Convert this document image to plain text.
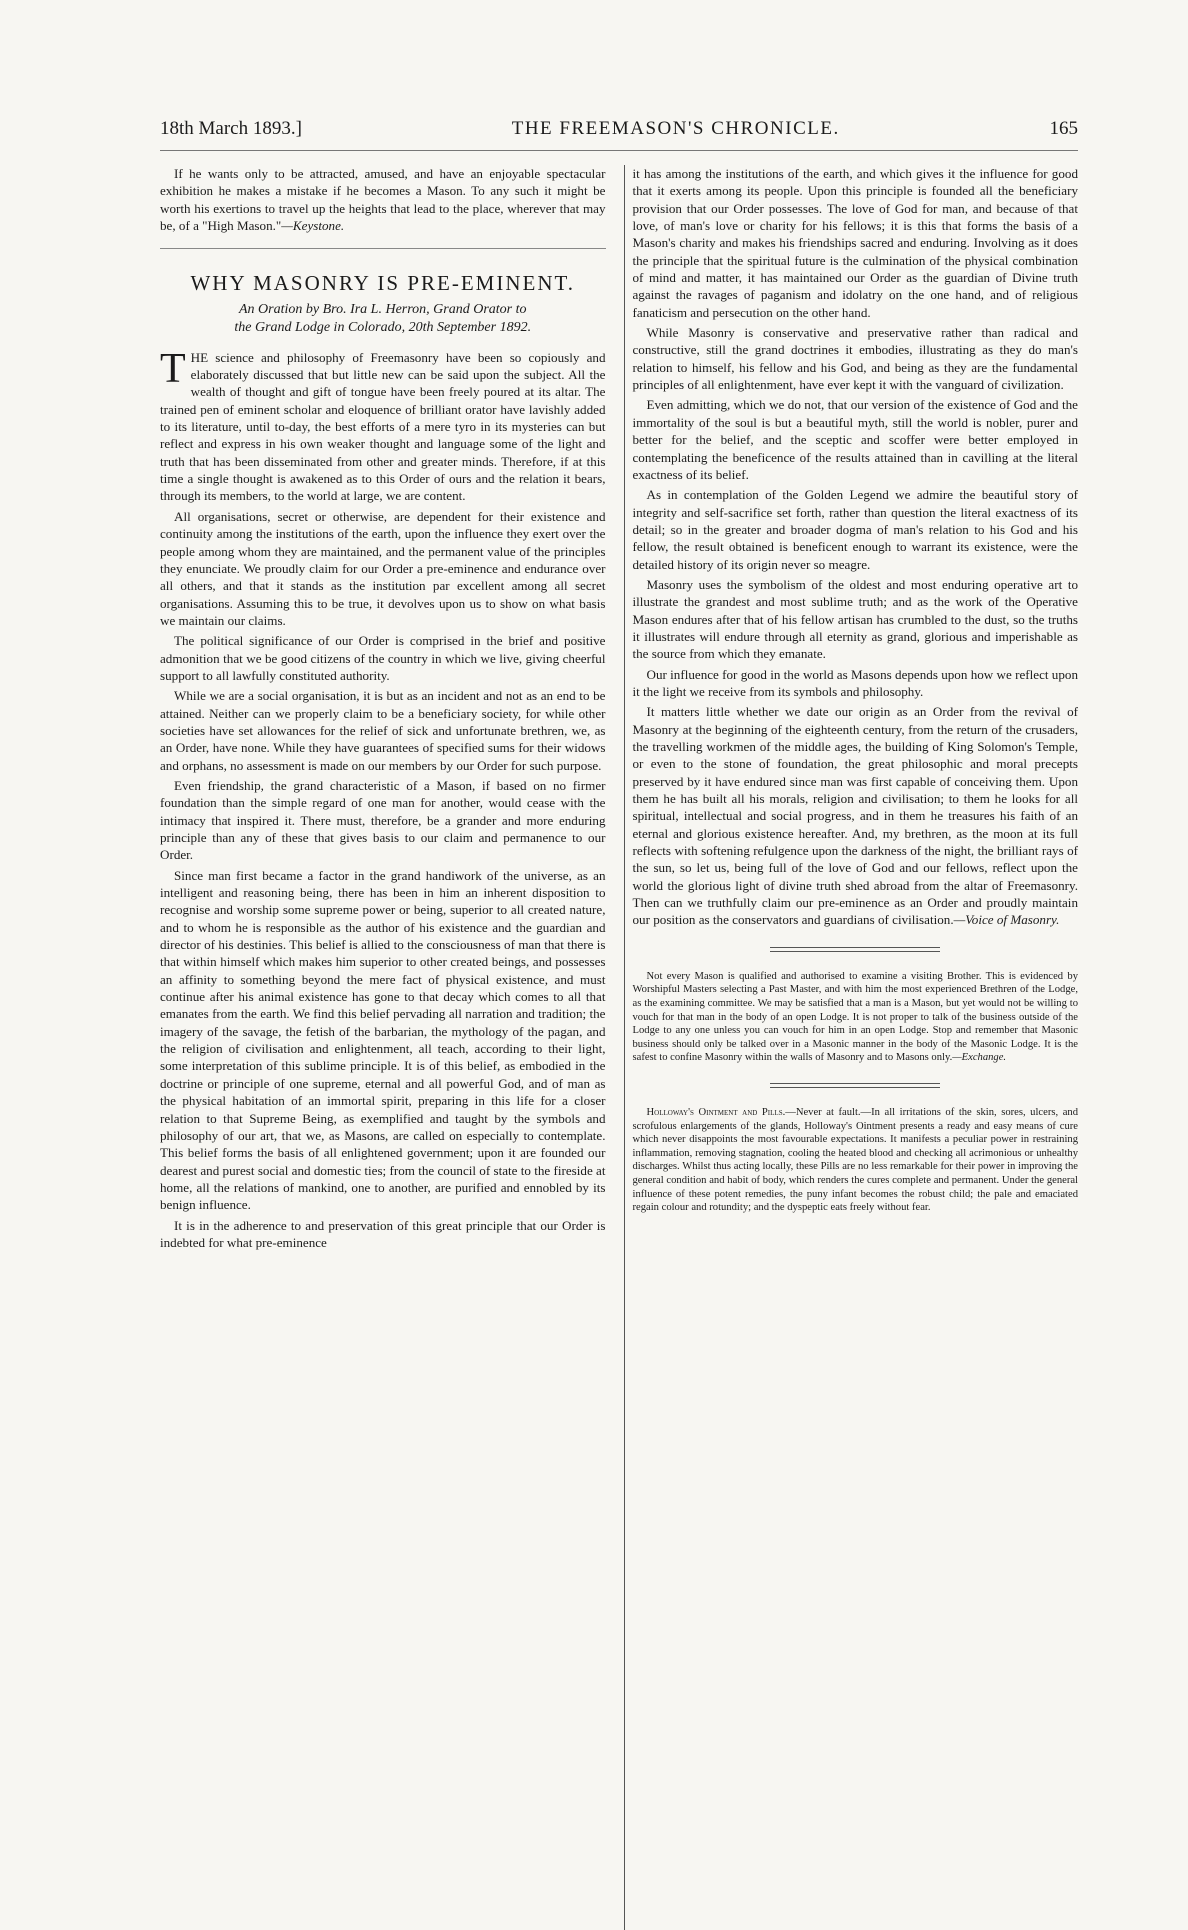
18th March 1893.]	THE FREEMASON'S CHRONICLE.	165

If he wants only to be attracted, amused, and have an enjoyable spectacular exhibition he makes a mistake if he becomes a Mason. To any such it might be worth his exertions to travel up the heights that lead to the place, wherever that may be, of a "High Mason."—Keystone.

WHY MASONRY IS PRE-EMINENT.
An Oration by Bro. Ira L. Herron, Grand Orator to
the Grand Lodge in Colorado, 20th September 1892.

THE science and philosophy of Freemasonry have been so copiously and elaborately discussed that but little new can be said upon the subject. All the wealth of thought and gift of tongue have been freely poured at its altar. The trained pen of eminent scholar and eloquence of brilliant orator have lavishly added to its literature, until to-day, the best efforts of a mere tyro in its mysteries can but reflect and express in his own weaker thought and language some of the light and truth that has been disseminated from other and greater minds. Therefore, if at this time a single thought is awakened as to this Order of ours and the relation it bears, through its members, to the world at large, we are content.

All organisations, secret or otherwise, are dependent for their existence and continuity among the institutions of the earth, upon the influence they exert over the people among whom they are maintained, and the permanent value of the principles they enunciate. We proudly claim for our Order a pre-eminence and endurance over all others, and that it stands as the institution par excellent among all secret organisations. Assuming this to be true, it devolves upon us to show on what basis we maintain our claims.

The political significance of our Order is comprised in the brief and positive admonition that we be good citizens of the country in which we live, giving cheerful support to all lawfully constituted authority.

While we are a social organisation, it is but as an incident and not as an end to be attained. Neither can we properly claim to be a beneficiary society, for while other societies have set allowances for the relief of sick and unfortunate brethren, we, as an Order, have none. While they have guarantees of specified sums for their widows and orphans, no assessment is made on our members by our Order for such purpose.

Even friendship, the grand characteristic of a Mason, if based on no firmer foundation than the simple regard of one man for another, would cease with the intimacy that inspired it. There must, therefore, be a grander and more enduring principle than any of these that gives basis to our claim and permanence to our Order.

Since man first became a factor in the grand handiwork of the universe, as an intelligent and reasoning being, there has been in him an inherent disposition to recognise and worship some supreme power or being, superior to all created nature, and to whom he is responsible as the author of his existence and the guardian and director of his destinies. This belief is allied to the consciousness of man that there is that within himself which makes him superior to other created beings, and possesses an affinity to something beyond the mere fact of physical existence, and must continue after his animal existence has gone to that decay which comes to all that emanates from the earth. We find this belief pervading all narration and tradition; the imagery of the savage, the fetish of the barbarian, the mythology of the pagan, and the religion of civilisation and enlightenment, all teach, according to their light, some interpretation of this sublime principle. It is of this belief, as embodied in the doctrine or principle of one supreme, eternal and all powerful God, and of man as the physical habitation of an immortal spirit, preparing in this life for a closer relation to that Supreme Being, as exemplified and taught by the symbols and philosophy of our art, that we, as Masons, are called on especially to contemplate. This belief forms the basis of all enlightened government; upon it are founded our dearest and purest social and domestic ties; from the council of state to the fireside at home, all the relations of mankind, one to another, are purified and ennobled by its benign influence.

It is in the adherence to and preservation of this great principle that our Order is indebted for what pre-eminence

it has among the institutions of the earth, and which gives it the influence for good that it exerts among its people. Upon this principle is founded all the beneficiary provision that our Order possesses. The love of God for man, and because of that love, of man's love or charity for his fellows; it is this that forms the basis of a Mason's charity and makes his friendships sacred and enduring. Involving as it does the principle that the spiritual future is the culmination of the physical combination of mind and matter, it has maintained our Order as the guardian of Divine truth against the ravages of paganism and idolatry on the one hand, and of religious fanaticism and persecution on the other hand.

While Masonry is conservative and preservative rather than radical and constructive, still the grand doctrines it embodies, illustrating as they do man's relation to himself, his fellow and his God, and being as they are the fundamental principles of all enlightenment, have ever kept it with the vanguard of civilization.

Even admitting, which we do not, that our version of the existence of God and the immortality of the soul is but a beautiful myth, still the world is nobler, purer and better for the belief, and the sceptic and scoffer were better employed in contemplating the beneficence of the results attained than in cavilling at the literal exactness of its belief.

As in contemplation of the Golden Legend we admire the beautiful story of integrity and self-sacrifice set forth, rather than question the literal exactness of its detail; so in the greater and broader dogma of man's relation to his God and his fellow, the result obtained is beneficent enough to warrant its existence, were the detailed history of its origin never so meagre.

Masonry uses the symbolism of the oldest and most enduring operative art to illustrate the grandest and most sublime truth; and as the work of the Operative Mason endures after that of his fellow artisan has crumbled to the dust, so the truths it illustrates will endure through all eternity as grand, glorious and imperishable as the source from which they emanate.

Our influence for good in the world as Masons depends upon how we reflect upon it the light we receive from its symbols and philosophy.

It matters little whether we date our origin as an Order from the revival of Masonry at the beginning of the eighteenth century, from the return of the crusaders, the travelling workmen of the middle ages, the building of King Solomon's Temple, or even to the stone of foundation, the great philosophic and moral precepts preserved by it have endured since man was first capable of conceiving them. Upon them he has built all his morals, religion and civilisation; to them he looks for all spiritual, intellectual and social progress, and in them he treasures his faith of an eternal and glorious existence hereafter. And, my brethren, as the moon at its full reflects with softening refulgence upon the darkness of the night, the brilliant rays of the sun, so let us, being full of the love of God and our fellows, reflect upon the world the glorious light of divine truth shed abroad from the altar of Freemasonry. Then can we truthfully claim our pre-eminence as an Order and proudly maintain our position as the conservators and guardians of civilisation.—Voice of Masonry.

Not every Mason is qualified and authorised to examine a visiting Brother. This is evidenced by Worshipful Masters selecting a Past Master, and with him the most experienced Brethren of the Lodge, as the examining committee. We may be satisfied that a man is a Mason, but yet would not be willing to vouch for that man in the body of an open Lodge. It is not proper to talk of the business outside of the Lodge to any one unless you can vouch for him in an open Lodge. Stop and remember that Masonic business should only be talked over in a Masonic manner in the body of the Masonic Lodge. It is the safest to confine Masonry within the walls of Masonry and to Masons only.—Exchange.

Holloway's Ointment and Pills.—Never at fault.—In all irritations of the skin, sores, ulcers, and scrofulous enlargements of the glands, Holloway's Ointment presents a ready and easy means of cure which never disappoints the most favourable expectations. It manifests a peculiar power in restraining inflammation, removing stagnation, cooling the heated blood and checking all acrimonious or unhealthy discharges. Whilst thus acting locally, these Pills are no less remarkable for their power in improving the general condition and habit of body, which renders the cures complete and permanent. Under the general influence of these potent remedies, the puny infant becomes the robust child; the pale and emaciated regain colour and rotundity; and the dyspeptic eats freely without fear.
